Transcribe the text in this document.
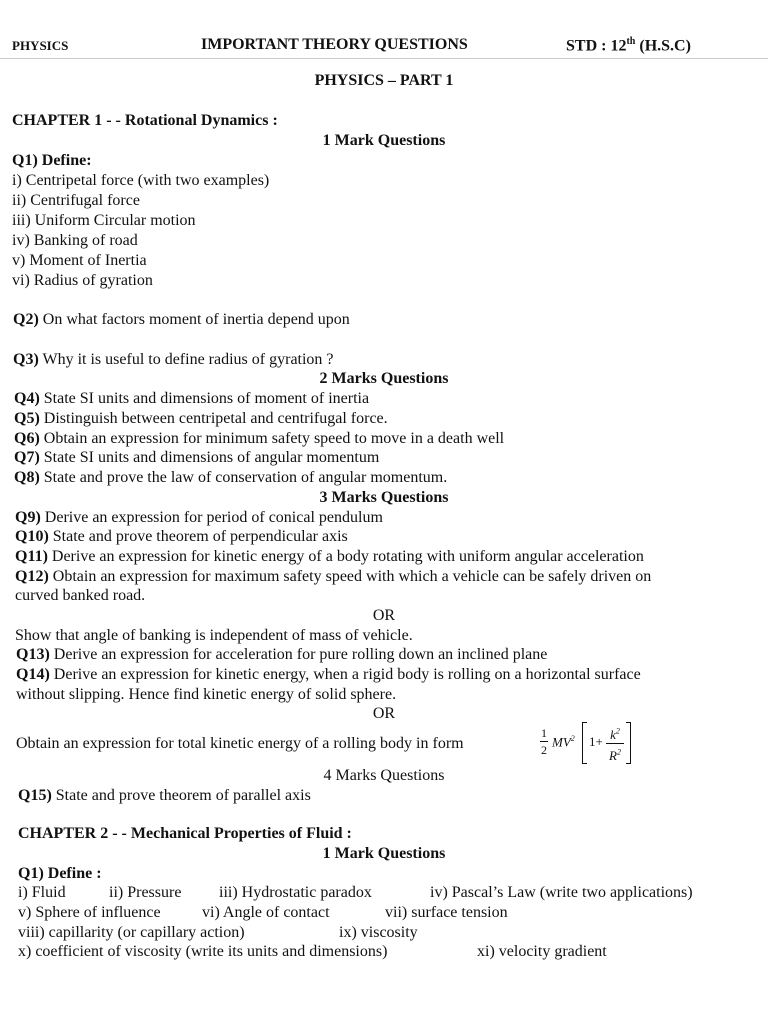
PHYSICS	IMPORTANT THEORY QUESTIONS	STD : 12th (H.S.C)
PHYSICS – PART 1
CHAPTER 1 - - Rotational Dynamics :
1 Mark Questions
Q1) Define:
i) Centripetal force (with two examples)
ii) Centrifugal force
iii) Uniform Circular motion
iv) Banking of road
v) Moment of Inertia
vi) Radius of gyration
Q2) On what factors moment of inertia depend upon
Q3) Why it is useful to define radius of gyration ?
2 Marks Questions
Q4) State SI units and dimensions of moment of inertia
Q5) Distinguish between centripetal and centrifugal force.
Q6) Obtain an expression for minimum safety speed to move in a death well
Q7) State SI units and dimensions of angular momentum
Q8) State and prove the law of conservation of angular momentum.
3 Marks Questions
Q9) Derive an expression for period of conical pendulum
Q10) State and prove theorem of perpendicular axis
Q11) Derive an expression for kinetic energy of a body rotating with uniform angular acceleration
Q12) Obtain an expression for maximum safety speed with which a vehicle can be safely driven on
curved banked road.
OR
Show that angle of banking is independent of mass of vehicle.
Q13) Derive an expression for acceleration for pure rolling down an inclined plane
Q14) Derive an expression for kinetic energy, when a rigid body is rolling on a horizontal surface
without slipping. Hence find kinetic energy of solid sphere.
OR
Obtain an expression for total kinetic energy of a rolling body in form
1
2
$MV^2$ $1+ k^2$
$R^2$
4 Marks Questions
Q15) State and prove theorem of parallel axis
CHAPTER 2 - - Mechanical Properties of Fluid :
1 Mark Questions
Q1) Define :
i) Fluid	ii) Pressure iii) Hydrostatic paradox	iv) Pascal’s Law (write two applications)
v) Sphere of influence	vi) Angle of contact	vii) surface tension
viii) capillarity (or capillary action)	ix) viscosity
x) coefficient of viscosity (write its units and dimensions)	xi) velocity gradient
